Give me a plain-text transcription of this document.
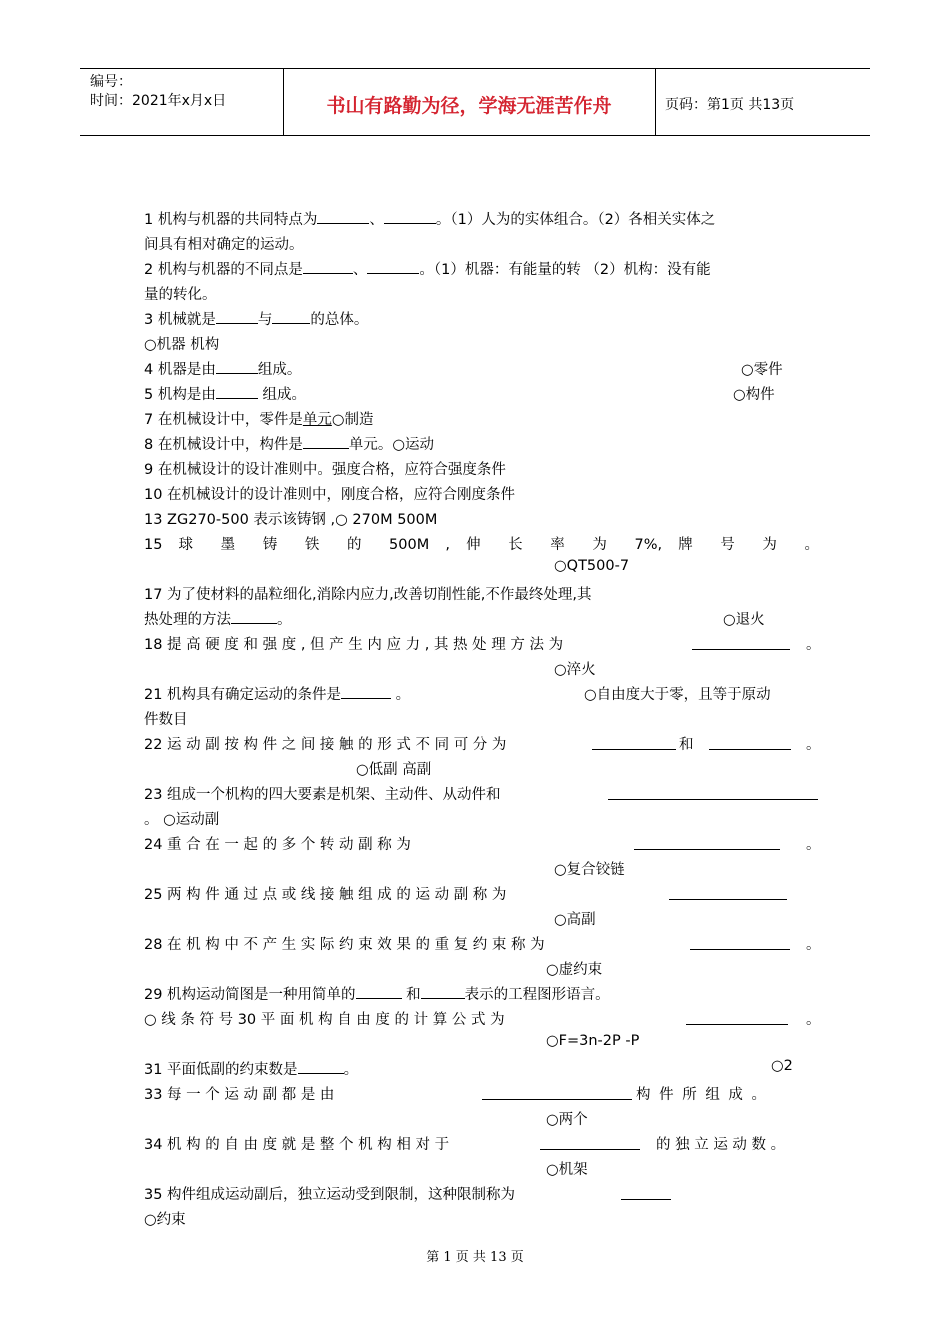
编号：
时间：2021年x月x日	书山有路勤为径，学海无涯苦作舟	页码：第1页 共13页
1 机构与机器的共同特点为	、	。（1）人为的实体组合。（2）各相关实体之
间具有相对确定的运动。
2 机构与机器的不同点是	、	。（1）机器：有能量的转 （2）机构：没有能
量的转化。
3 机械就是	与	的总体。
○机器 机构
4 机器是由	组成。	○零件
5 机构是由	组成。	○构件
7 在机械设计中，零件是单元○制造
8 在机械设计中，构件是	单元。○运动
9 在机械设计的设计准则中。强度合格，应符合强度条件
10 在机械设计的设计准则中，刚度合格，应符合刚度条件
13 ZG270-500 表示该铸钢 ,○ 270M 500M
15 球 墨 铸 铁 的 500M , 伸 长 率 为 7%, 牌 号 为 。
○QT500-7
17 为了使材料的晶粒细化,消除内应力,改善切削性能,不作最终处理,其
热处理的方法	。	○退火
18 提 高 硬 度 和 强 度 , 但 产 生 内 应 力 , 其 热 处 理 方 法 为	。
○淬火
21 机构具有确定运动的条件是	。	○自由度大于零，且等于原动
件数目
22 运 动 副 按 构 件 之 间 接 触 的 形 式 不 同 可 分 为	和	。
○低副 高副
23 组成一个机构的四大要素是机架、主动件、从动件和
。 ○运动副
24 重 合 在 一 起 的 多 个 转 动 副 称 为	。
○复合铰链
25 两 构 件 通 过 点 或 线 接 触 组 成 的 运 动 副 称 为
○高副
28 在 机 构 中 不 产 生 实 际 约 束 效 果 的 重 复 约 束 称 为	。
○虚约束
29 机构运动简图是一种用简单的	和	表示的工程图形语言。
○ 线 条 符 号 30 平 面 机 构 自 由 度 的 计 算 公 式 为	。
○F=3n-2P -P
31 平面低副的约束数是	。	○2
33 每 一 个 运 动 副 都 是 由	构 件 所 组 成 。
○两个
34 机 构 的 自 由 度 就 是 整 个 机 构 相 对 于	的 独 立 运 动 数 。
○机架
35 构件组成运动副后，独立运动受到限制，这种限制称为
○约束
第 1 页 共 13 页
